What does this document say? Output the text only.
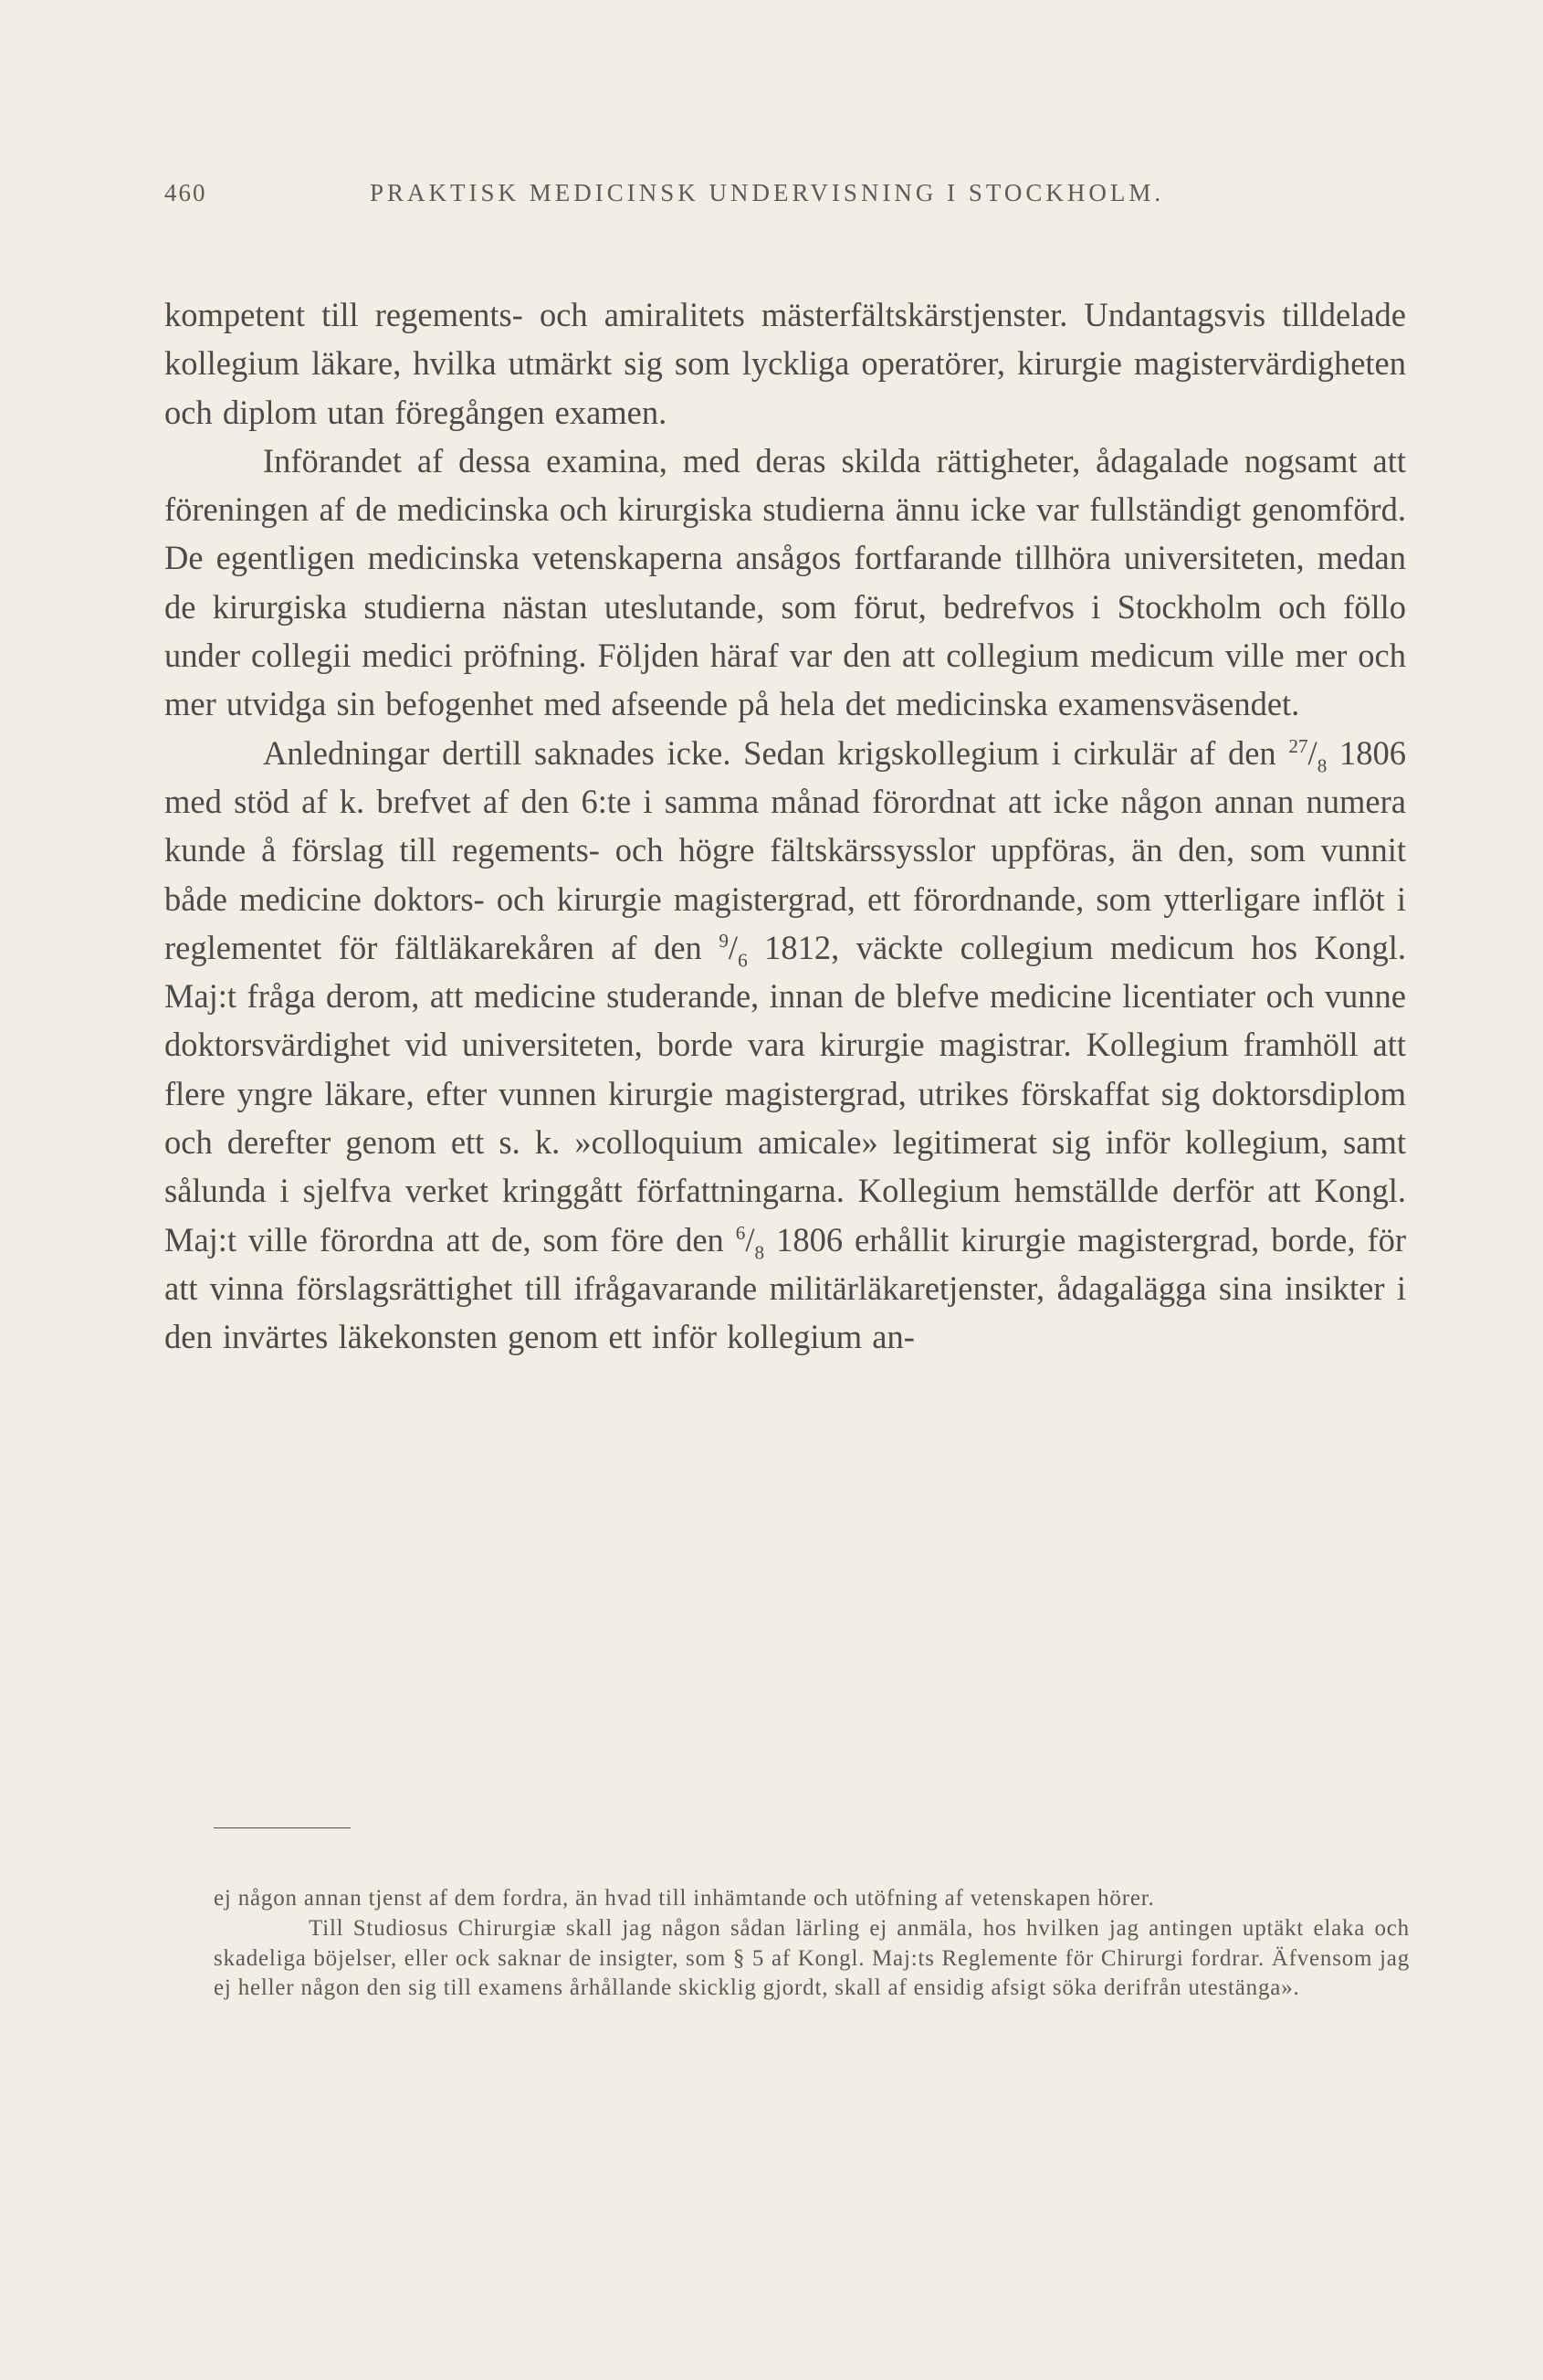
460	PRAKTISK MEDICINSK UNDERVISNING I STOCKHOLM.

kompetent till regements- och amiralitets mästerfältskärstjenster. Undantagsvis tilldelade kollegium läkare, hvilka utmärkt sig som lyckliga operatörer, kirurgie magistervärdigheten och diplom utan föregången examen.

Införandet af dessa examina, med deras skilda rättigheter, ådagalade nogsamt att föreningen af de medicinska och kirurgiska studierna ännu icke var fullständigt genomförd. De egentligen medicinska vetenskaperna ansågos fortfarande tillhöra universiteten, medan de kirurgiska studierna nästan uteslutande, som förut, bedrefvos i Stockholm och föllo under collegii medici pröfning. Följden häraf var den att collegium medicum ville mer och mer utvidga sin befogenhet med afseende på hela det medicinska examensväsendet.

Anledningar dertill saknades icke. Sedan krigskollegium i cirkulär af den $^{27}/_8$ 1806 med stöd af k. brefvet af den 6:te i samma månad förordnat att icke någon annan numera kunde å förslag till regements- och högre fältskärssysslor uppföras, än den, som vunnit både medicine doktors- och kirurgie magistergrad, ett förordnande, som ytterligare inflöt i reglementet för fältläkarekåren af den $^9/_6$ 1812, väckte collegium medicum hos Kongl. Maj:t fråga derom, att medicine studerande, innan de blefve medicine licentiater och vunne doktorsvärdighet vid universiteten, borde vara kirurgie magistrar. Kollegium framhöll att flere yngre läkare, efter vunnen kirurgie magistergrad, utrikes förskaffat sig doktorsdiplom och derefter genom ett s. k. »colloquium amicale» legitimerat sig inför kollegium, samt sålunda i sjelfva verket kringgått författningarna. Kollegium hemställde derför att Kongl. Maj:t ville förordna att de, som före den $^6/_8$ 1806 erhållit kirurgie magistergrad, borde, för att vinna förslagsrättighet till ifrågavarande militärläkaretjenster, ådagalägga sina insikter i den invärtes läkekonsten genom ett inför kollegium an-

ej någon annan tjenst af dem fordra, än hvad till inhämtande och utöfning af vetenskapen hörer.

Till Studiosus Chirurgiæ skall jag någon sådan lärling ej anmäla, hos hvilken jag antingen uptäkt elaka och skadeliga böjelser, eller ock saknar de insigter, som § 5 af Kongl. Maj:ts Reglemente för Chirurgi fordrar. Äfvensom jag ej heller någon den sig till examens århållande skicklig gjordt, skall af ensidig afsigt söka derifrån utestänga».
